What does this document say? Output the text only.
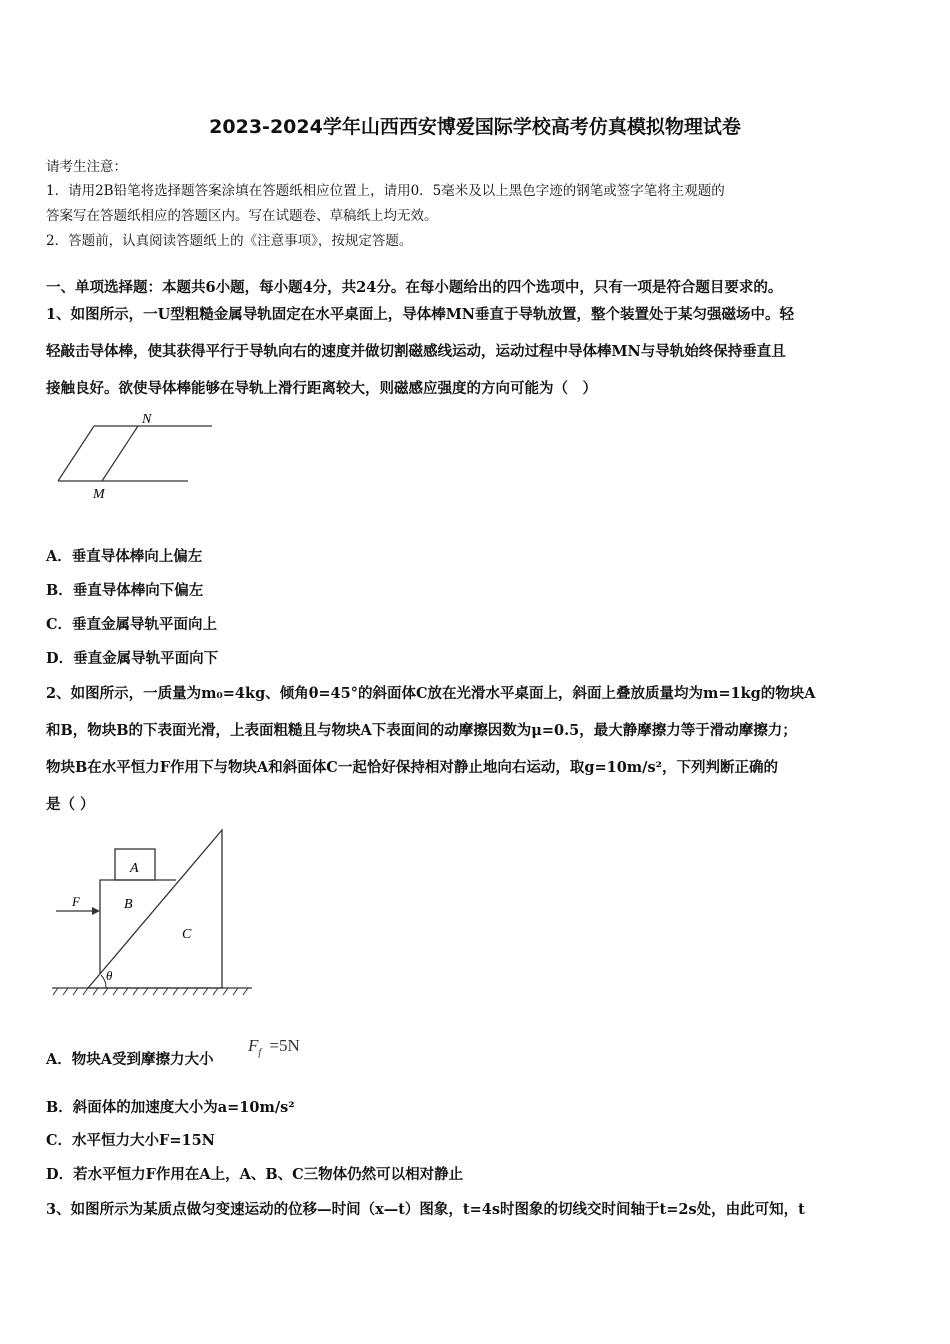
2023-2024学年山西西安博爱国际学校高考仿真模拟物理试卷
请考生注意：
1．请用2B铅笔将选择题答案涂填在答题纸相应位置上，请用0．5毫米及以上黑色字迹的钢笔或签字笔将主观题的
答案写在答题纸相应的答题区内。写在试题卷、草稿纸上均无效。
2．答题前，认真阅读答题纸上的《注意事项》，按规定答题。
一、单项选择题：本题共6小题，每小题4分，共24分。在每小题给出的四个选项中，只有一项是符合题目要求的。
1、如图所示，一U型粗糙金属导轨固定在水平桌面上，导体棒MN垂直于导轨放置，整个装置处于某匀强磁场中。轻
轻敲击导体棒，使其获得平行于导轨向右的速度并做切割磁感线运动，运动过程中导体棒MN与导轨始终保持垂直且
接触良好。欲使导体棒能够在导轨上滑行距离较大，则磁感应强度的方向可能为（　）
N
M
A．垂直导体棒向上偏左
B．垂直导体棒向下偏左
C．垂直金属导轨平面向上
D．垂直金属导轨平面向下
2、如图所示，一质量为m₀=4kg、倾角θ=45°的斜面体C放在光滑水平桌面上，斜面上叠放质量均为m=1kg的物块A
和B，物块B的下表面光滑，上表面粗糙且与物块A下表面间的动摩擦因数为μ=0.5，最大静摩擦力等于滑动摩擦力；
物块B在水平恒力F作用下与物块A和斜面体C一起恰好保持相对静止地向右运动，取g=10m/s²，下列判断正确的
是（ ）
A
B
C
F
θ
A．物块A受到摩擦力大小
$F_f =5N$
B．斜面体的加速度大小为a=10m/s²
C．水平恒力大小F=15N
D．若水平恒力F作用在A上，A、B、C三物体仍然可以相对静止
3、如图所示为某质点做匀变速运动的位移—时间（x—t）图象，t=4s时图象的切线交时间轴于t=2s处，由此可知，t
